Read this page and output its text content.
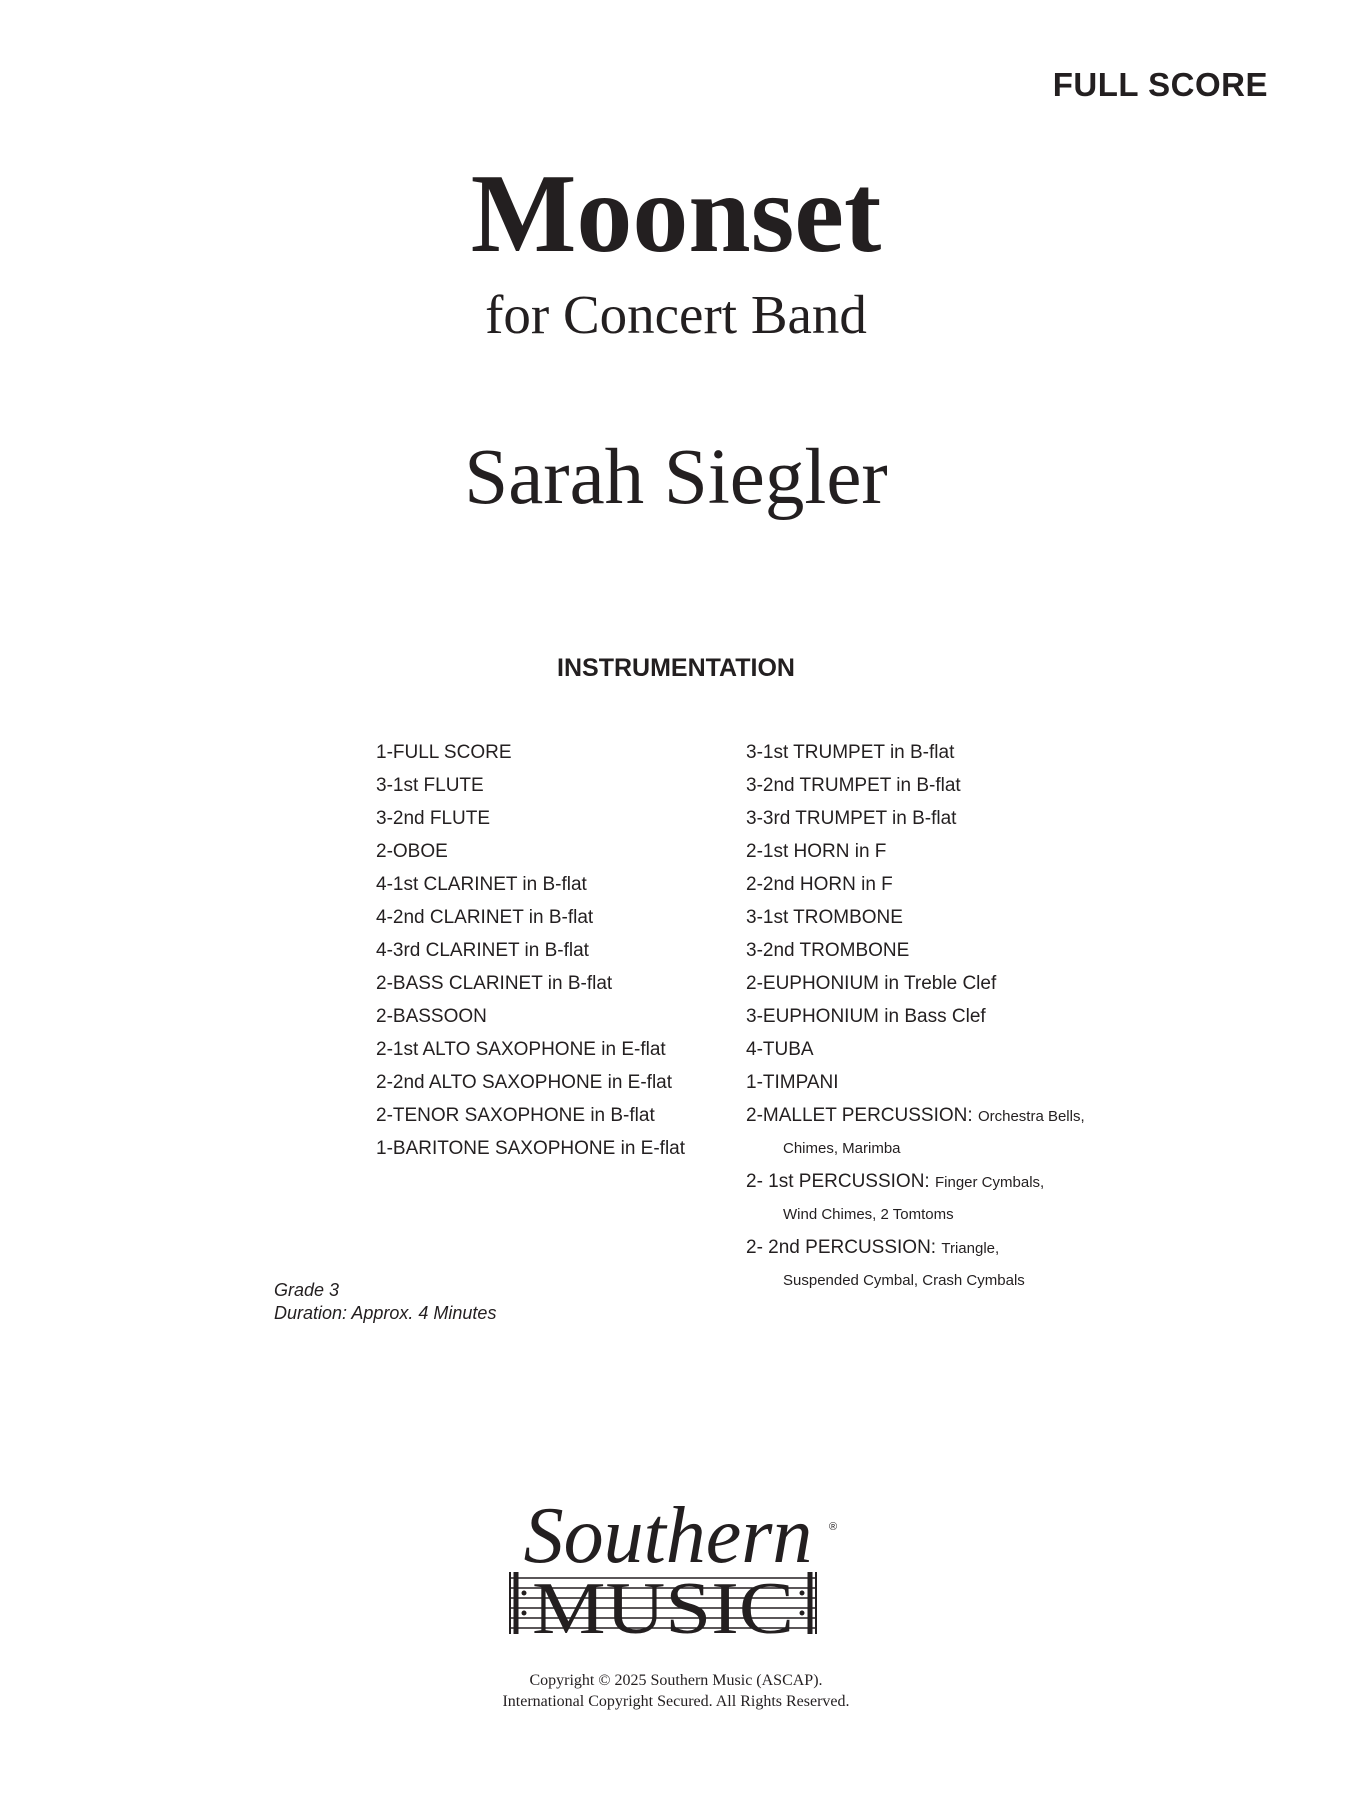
FULL SCORE
Moonset
for Concert Band
Sarah Siegler
INSTRUMENTATION
1-FULL SCORE
3-1st FLUTE
3-2nd FLUTE
2-OBOE
4-1st CLARINET in B-flat
4-2nd CLARINET in B-flat
4-3rd CLARINET in B-flat
2-BASS CLARINET in B-flat
2-BASSOON
2-1st ALTO SAXOPHONE in E-flat
2-2nd ALTO SAXOPHONE in E-flat
2-TENOR SAXOPHONE in B-flat
1-BARITONE SAXOPHONE in E-flat
3-1st TRUMPET in B-flat
3-2nd TRUMPET in B-flat
3-3rd TRUMPET in B-flat
2-1st HORN in F
2-2nd HORN in F
3-1st TROMBONE
3-2nd TROMBONE
2-EUPHONIUM in Treble Clef
3-EUPHONIUM in Bass Clef
4-TUBA
1-TIMPANI
2-MALLET PERCUSSION: Orchestra Bells,
Chimes, Marimba
2- 1st PERCUSSION: Finger Cymbals,
Wind Chimes, 2 Tomtoms
2- 2nd PERCUSSION: Triangle,
Suspended Cymbal, Crash Cymbals
Grade 3
Duration: Approx. 4 Minutes
Southern ®
MUSIC
Copyright © 2025 Southern Music (ASCAP).
International Copyright Secured. All Rights Reserved.
